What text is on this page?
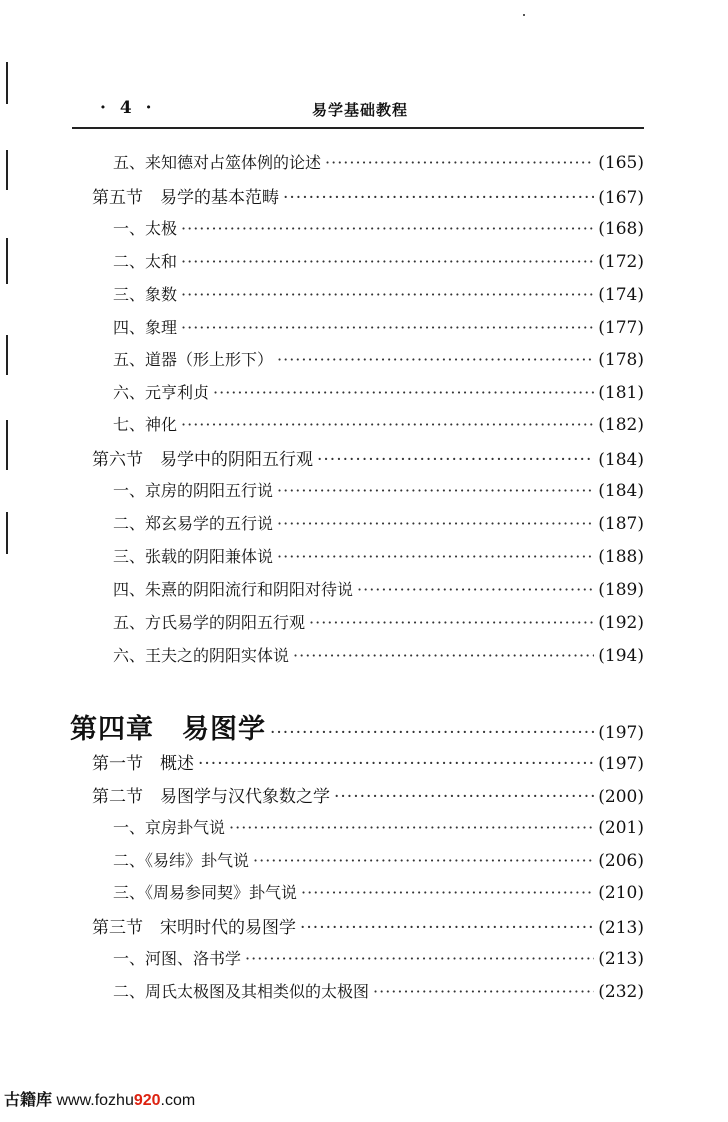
· 4 ·	易学基础教程
五、来知德对占筮体例的论述 ·····	(165)
第五节　易学的基本范畴 ·····	(167)
一、太极 ·····	(168)
二、太和 ·····	(172)
三、象数 ·····	(174)
四、象理 ·····	(177)
五、道器（形上形下） ·····	(178)
六、元亨利贞 ·····	(181)
七、神化 ·····	(182)
第六节　易学中的阴阳五行观 ·····	(184)
一、京房的阴阳五行说 ·····	(184)
二、郑玄易学的五行说 ·····	(187)
三、张载的阴阳兼体说 ·····	(188)
四、朱熹的阴阳流行和阴阳对待说 ·····	(189)
五、方氏易学的阴阳五行观 ·····	(192)
六、王夫之的阴阳实体说 ·····	(194)
第四章　易图学 ·····	(197)
第一节　概述 ·····	(197)
第二节　易图学与汉代象数之学 ·····	(200)
一、京房卦气说 ·····	(201)
二、《易纬》卦气说 ·····	(206)
三、《周易参同契》卦气说 ·····	(210)
第三节　宋明时代的易图学 ·····	(213)
一、河图、洛书学 ·····	(213)
二、周氏太极图及其相类似的太极图 ·····	(232)
古籍库 www.fozhu920.com
